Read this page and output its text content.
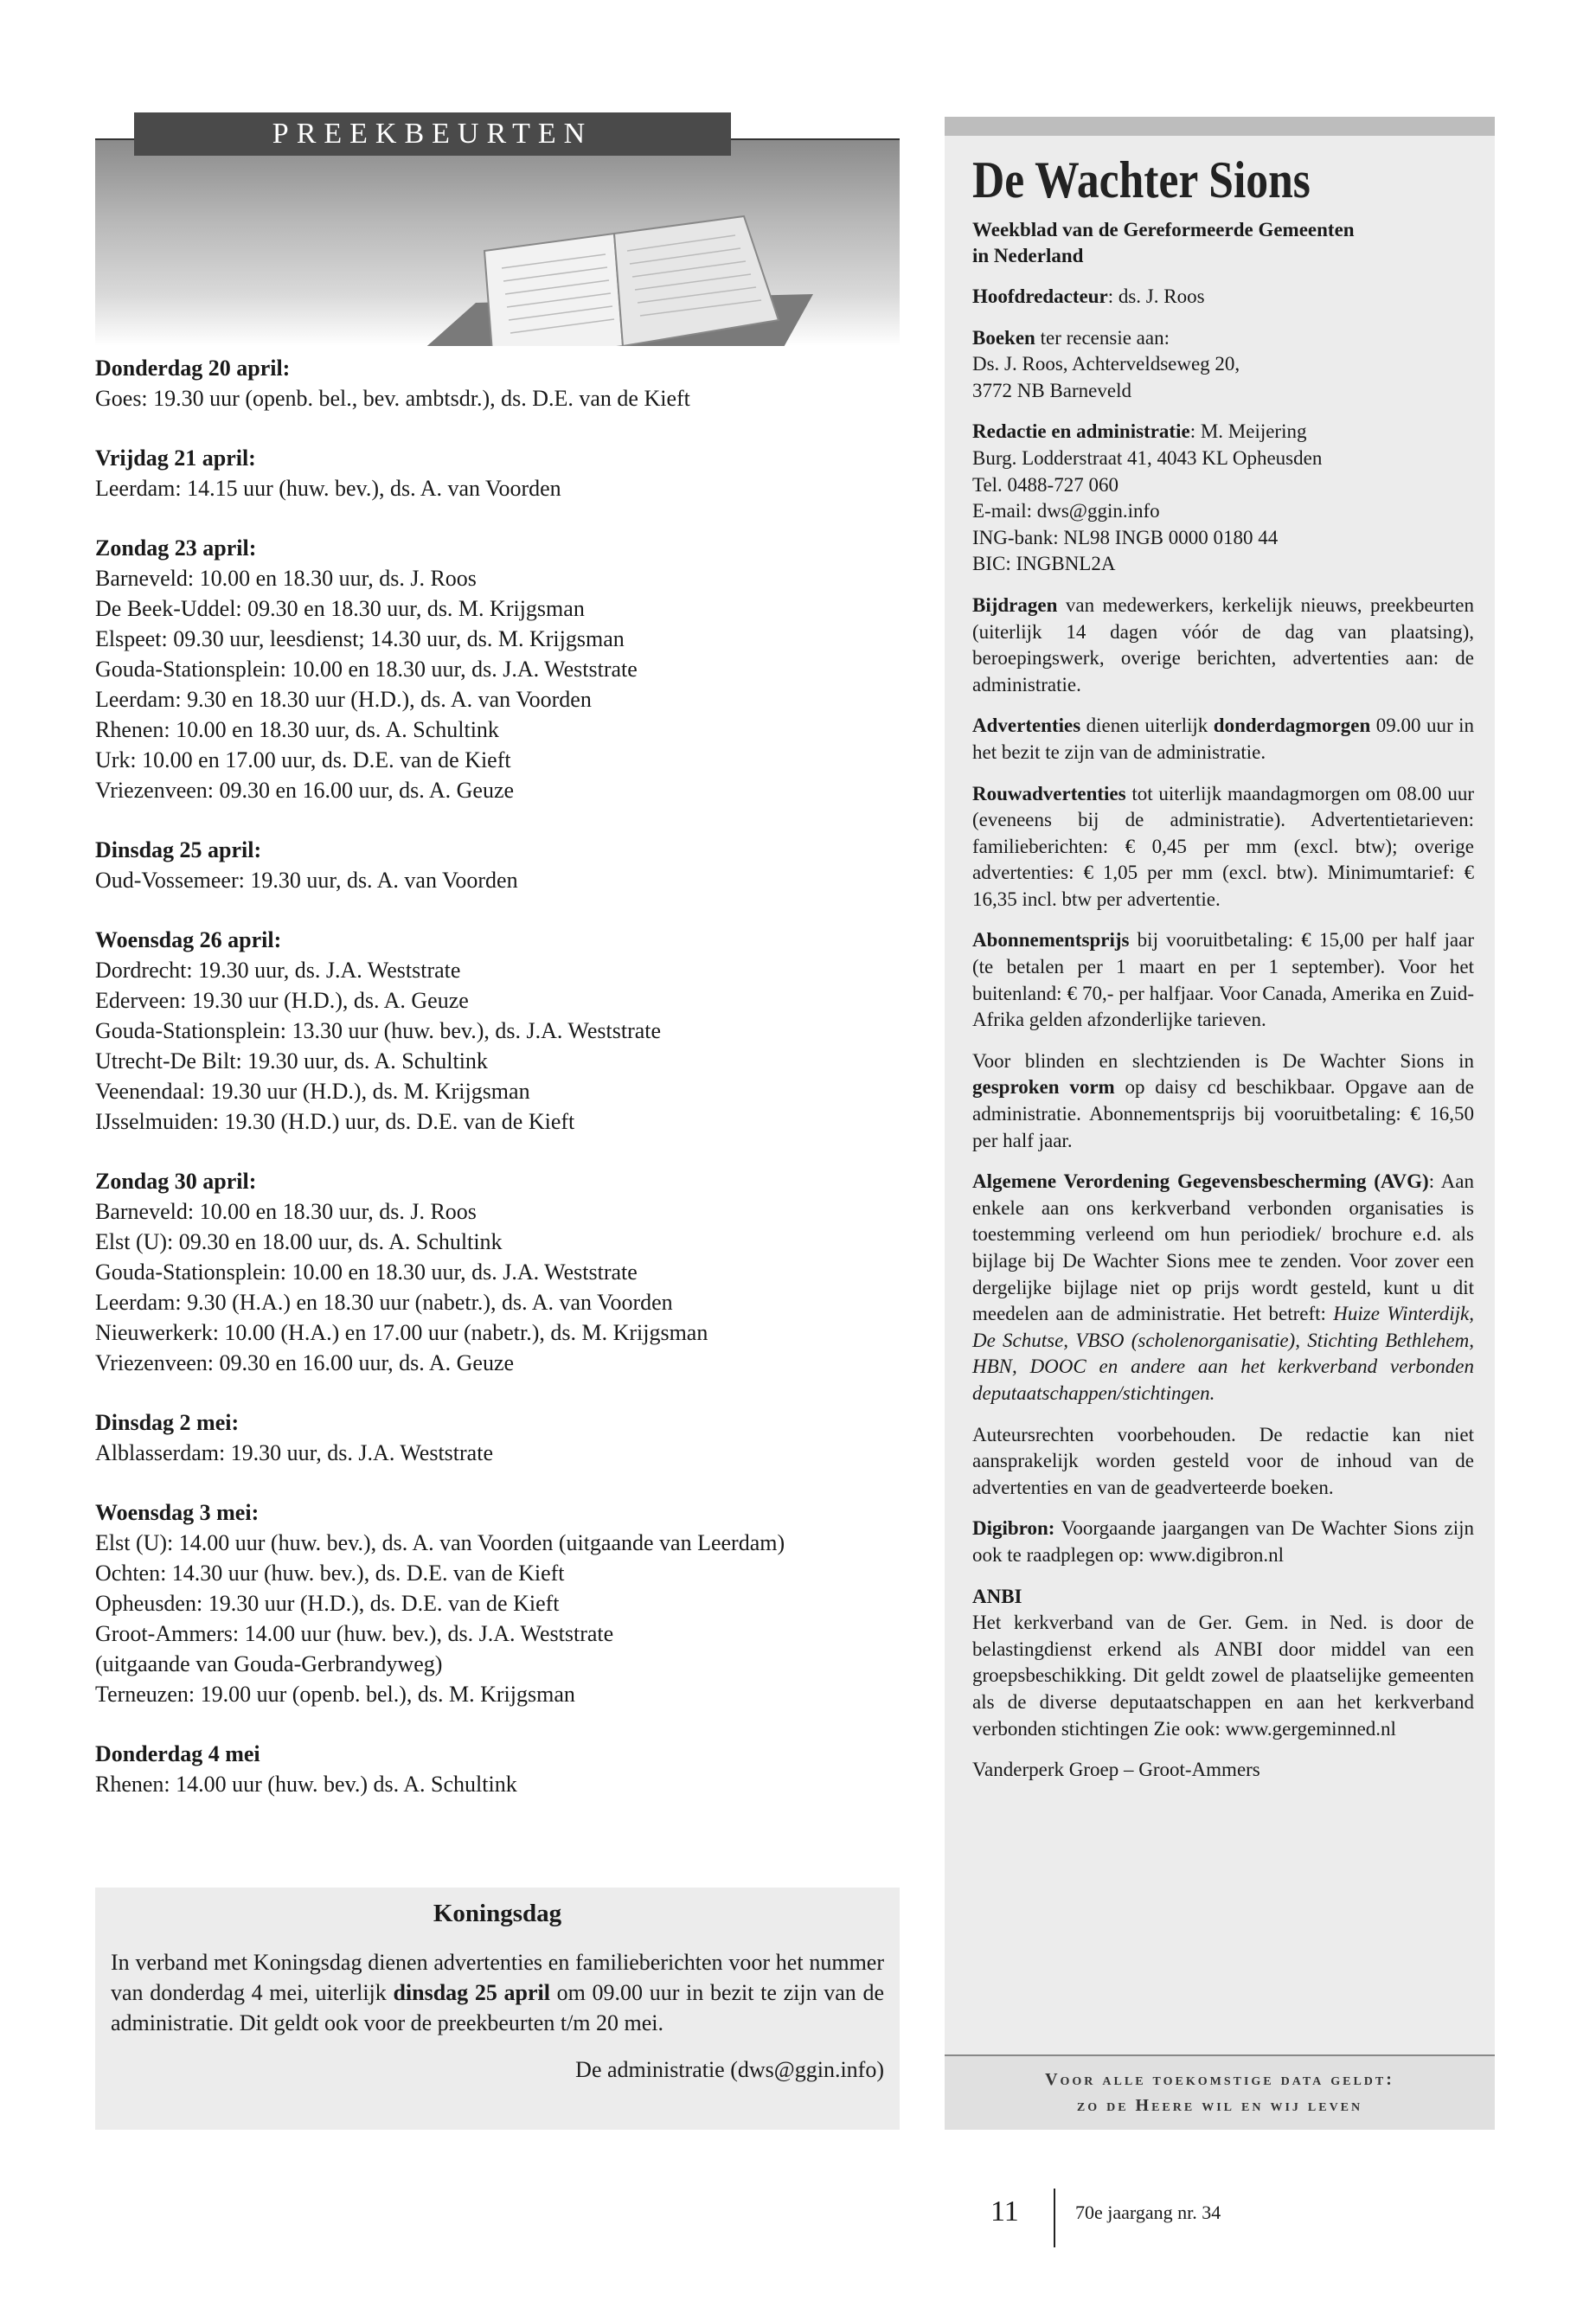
PREEKBEURTEN
Donderdag 20 april:
Goes: 19.30 uur (openb. bel., bev. ambtsdr.), ds. D.E. van de Kieft
Vrijdag 21 april:
Leerdam: 14.15 uur (huw. bev.), ds. A. van Voorden
Zondag 23 april:
Barneveld: 10.00 en 18.30 uur, ds. J. Roos
De Beek-Uddel: 09.30 en 18.30 uur, ds. M. Krijgsman
Elspeet: 09.30 uur, leesdienst; 14.30 uur, ds. M. Krijgsman
Gouda-Stationsplein: 10.00 en 18.30 uur, ds. J.A. Weststrate
Leerdam: 9.30 en 18.30 uur (H.D.), ds. A. van Voorden
Rhenen: 10.00 en 18.30 uur, ds. A. Schultink
Urk: 10.00 en 17.00 uur, ds. D.E. van de Kieft
Vriezenveen: 09.30 en 16.00 uur, ds. A. Geuze
Dinsdag 25 april:
Oud-Vossemeer: 19.30 uur, ds. A. van Voorden
Woensdag 26 april:
Dordrecht: 19.30 uur, ds. J.A. Weststrate
Ederveen: 19.30 uur (H.D.), ds. A. Geuze
Gouda-Stationsplein: 13.30 uur (huw. bev.), ds. J.A. Weststrate
Utrecht-De Bilt: 19.30 uur, ds. A. Schultink
Veenendaal: 19.30 uur (H.D.), ds. M. Krijgsman
IJsselmuiden: 19.30 (H.D.) uur, ds. D.E. van de Kieft
Zondag 30 april:
Barneveld: 10.00 en 18.30 uur, ds. J. Roos
Elst (U): 09.30 en 18.00 uur, ds. A. Schultink
Gouda-Stationsplein: 10.00 en 18.30 uur, ds. J.A. Weststrate
Leerdam: 9.30 (H.A.) en 18.30 uur (nabetr.), ds. A. van Voorden
Nieuwerkerk: 10.00 (H.A.) en 17.00 uur (nabetr.), ds. M. Krijgsman
Vriezenveen: 09.30 en 16.00 uur, ds. A. Geuze
Dinsdag 2 mei:
Alblasserdam: 19.30 uur, ds. J.A. Weststrate
Woensdag 3 mei:
Elst (U): 14.00 uur (huw. bev.), ds. A. van Voorden (uitgaande van Leerdam)
Ochten: 14.30 uur (huw. bev.), ds. D.E. van de Kieft
Opheusden: 19.30 uur (H.D.), ds. D.E. van de Kieft
Groot-Ammers: 14.00 uur (huw. bev.), ds. J.A. Weststrate
(uitgaande van Gouda-Gerbrandyweg)
Terneuzen: 19.00 uur (openb. bel.), ds. M. Krijgsman
Donderdag 4 mei
Rhenen: 14.00 uur (huw. bev.) ds. A. Schultink
Koningsdag
In verband met Koningsdag dienen advertenties en familieberichten voor het nummer van donderdag 4 mei, uiterlijk dinsdag 25 april om 09.00 uur in bezit te zijn van de administratie. Dit geldt ook voor de preekbeurten t/m 20 mei.
De administratie (dws@ggin.info)
De Wachter Sions
Weekblad van de Gereformeerde Gemeenten
in Nederland
Hoofdredacteur: ds. J. Roos
Boeken ter recensie aan:
Ds. J. Roos, Achterveldseweg 20,
3772 NB Barneveld
Redactie en administratie: M. Meijering
Burg. Lodderstraat 41, 4043 KL Opheusden
Tel. 0488-727 060
E-mail: dws@ggin.info
ING-bank: NL98 INGB 0000 0180 44
BIC: INGBNL2A
Bijdragen van medewerkers, kerkelijk nieuws, preekbeurten (uiterlijk 14 dagen vóór de dag van plaatsing), beroepingswerk, overige berichten, advertenties aan: de administratie.
Advertenties dienen uiterlijk donderdagmorgen 09.00 uur in het bezit te zijn van de administratie.
Rouwadvertenties tot uiterlijk maandagmorgen om 08.00 uur (eveneens bij de administratie). Advertentietarieven: familieberichten: € 0,45 per mm (excl. btw); overige advertenties: € 1,05 per mm (excl. btw). Minimumtarief: € 16,35 incl. btw per advertentie.
Abonnementsprijs bij vooruitbetaling: € 15,00 per half jaar (te betalen per 1 maart en per 1 september). Voor het buitenland: € 70,- per halfjaar. Voor Canada, Amerika en Zuid-Afrika gelden afzonderlijke tarieven.
Voor blinden en slechtzienden is De Wachter Sions in gesproken vorm op daisy cd beschikbaar. Opgave aan de administratie. Abonnementsprijs bij vooruitbetaling: € 16,50 per half jaar.
Algemene Verordening Gegevensbescherming (AVG): Aan enkele aan ons kerkverband verbonden organisaties is toestemming verleend om hun periodiek/ brochure e.d. als bijlage bij De Wachter Sions mee te zenden. Voor zover een dergelijke bijlage niet op prijs wordt gesteld, kunt u dit meedelen aan de administratie. Het betreft: Huize Winterdijk, De Schutse, VBSO (scholenorganisatie), Stichting Bethlehem, HBN, DOOC en andere aan het kerkverband verbonden deputaatschappen/stichtingen.
Auteursrechten voorbehouden. De redactie kan niet aansprakelijk worden gesteld voor de inhoud van de advertenties en van de geadverteerde boeken.
Digibron: Voorgaande jaargangen van De Wachter Sions zijn ook te raadplegen op: www.digibron.nl
ANBI
Het kerkverband van de Ger. Gem. in Ned. is door de belastingdienst erkend als ANBI door middel van een groepsbeschikking. Dit geldt zowel de plaatselijke gemeenten als de diverse deputaatschappen en aan het kerkverband verbonden stichtingen Zie ook: www.gergeminned.nl
Vanderperk Groep – Groot-Ammers
Voor alle toekomstige data geldt:
zo de Heere wil en wij leven
11	70e jaargang nr. 34
